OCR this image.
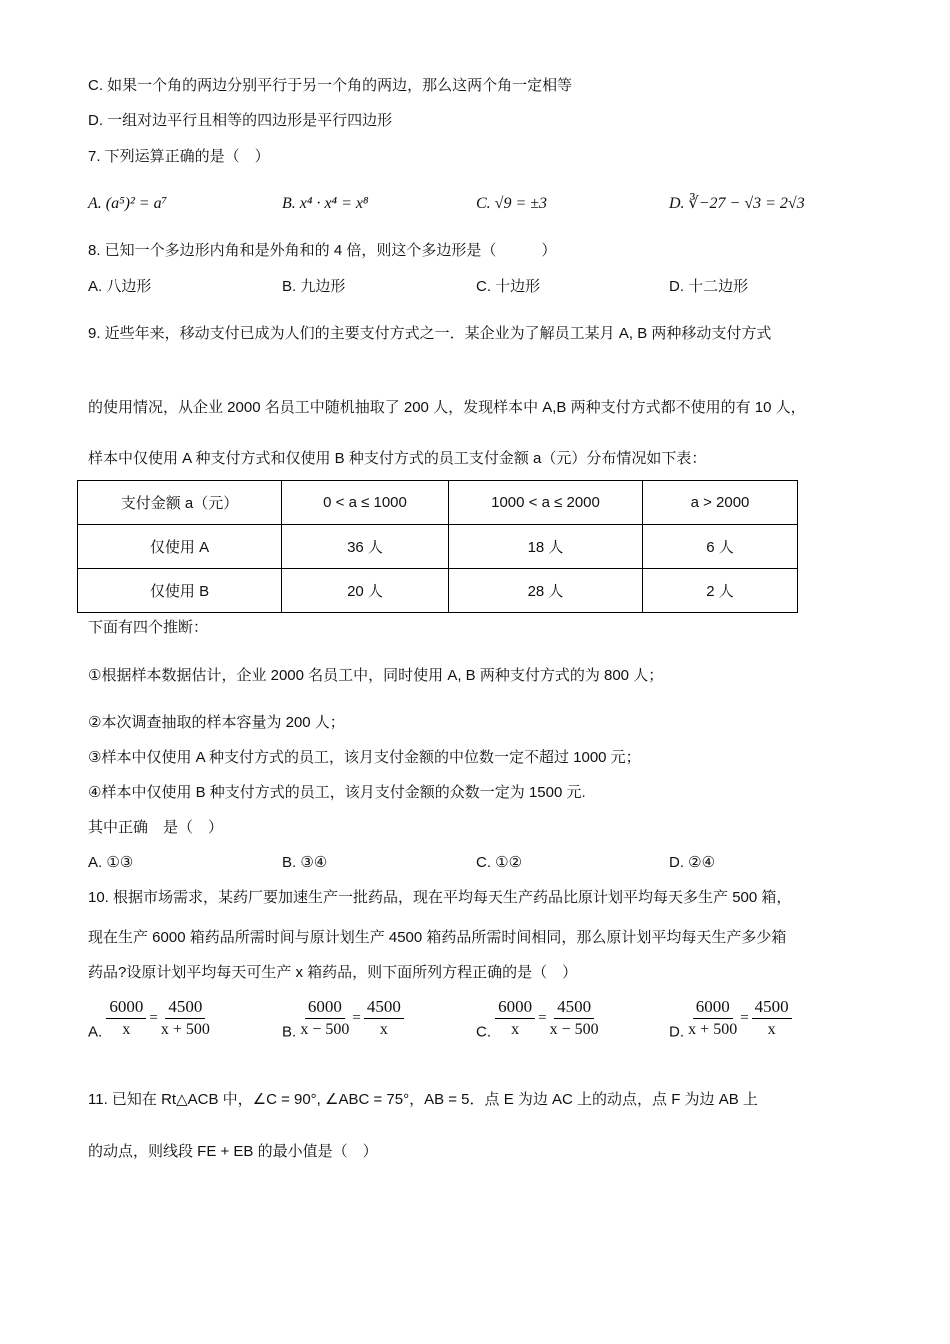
C. 如果一个角的两边分别平行于另一个角的两边，那么这两个角一定相等
D. 一组对边平行且相等的四边形是平行四边形
7. 下列运算正确的是（　）
A. (a⁵)² = a⁷	B. x⁴ · x⁴ = x⁸	C. √9 = ±3	D. ∛−27 − √3 = 2√3
8. 已知一个多边形内角和是外角和的 4 倍，则这个多边形是（　　　）
A. 八边形	B. 九边形	C. 十边形	D. 十二边形
9. 近些年来，移动支付已成为人们的主要支付方式之一．某企业为了解员工某月 A, B 两种移动支付方式
的使用情况，从企业 2000 名员工中随机抽取了 200 人，发现样本中 A,B 两种支付方式都不使用的有 10 人，
样本中仅使用 A 种支付方式和仅使用 B 种支付方式的员工支付金额 a（元）分布情况如下表：
支付金额 a（元）	0 < a ≤ 1000	1000 < a ≤ 2000	a > 2000
仅使用 A	36 人	18 人	6 人
仅使用 B	20 人	28 人	2 人
下面有四个推断：
①根据样本数据估计，企业 2000 名员工中，同时使用 A, B 两种支付方式的为 800 人；
②本次调查抽取的样本容量为 200 人；
③样本中仅使用 A 种支付方式的员工，该月支付金额的中位数一定不超过 1000 元；
④样本中仅使用 B 种支付方式的员工，该月支付金额的众数一定为 1500 元.
其中正确　是（　）
A. ①③	B. ③④	C. ①②	D. ②④
10. 根据市场需求，某药厂要加速生产一批药品，现在平均每天生产药品比原计划平均每天多生产 500 箱，
现在生产 6000 箱药品所需时间与原计划生产 4500 箱药品所需时间相同，那么原计划平均每天生产多少箱
药品?设原计划平均每天可生产 x 箱药品，则下面所列方程正确的是（　）
A. $\frac{6000}{x} = \frac{4500}{x + 500}$	B. $\frac{6000}{x - 500} = \frac{4500}{x}$	C. $\frac{6000}{x} = \frac{4500}{x - 500}$	D. $\frac{6000}{x + 500} = \frac{4500}{x}$
11. 已知在 Rt△ACB 中，∠C = 90°, ∠ABC = 75°，AB = 5．点 E 为边 AC 上的动点，点 F 为边 AB 上
的动点，则线段 FE + EB 的最小值是（　）
